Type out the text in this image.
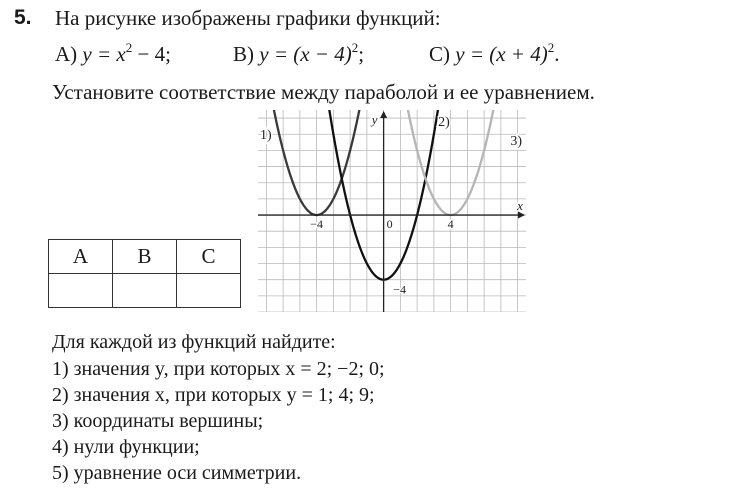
5. На рисунке изображены графики функций:
A) $y = x^2 - 4$;	B) $y = (x - 4)^2$;	C) $y = (x + 4)^2$.
Установите соответствие между параболой и ее уравнением.
A	B	C

y
x
−4	0	4
−4
1)
2)
3)
Для каждой из функций найдите:
1) значения y, при которых x = 2; −2; 0;
2) значения x, при которых y = 1; 4; 9;
3) координаты вершины;
4) нули функции;
5) уравнение оси симметрии.
